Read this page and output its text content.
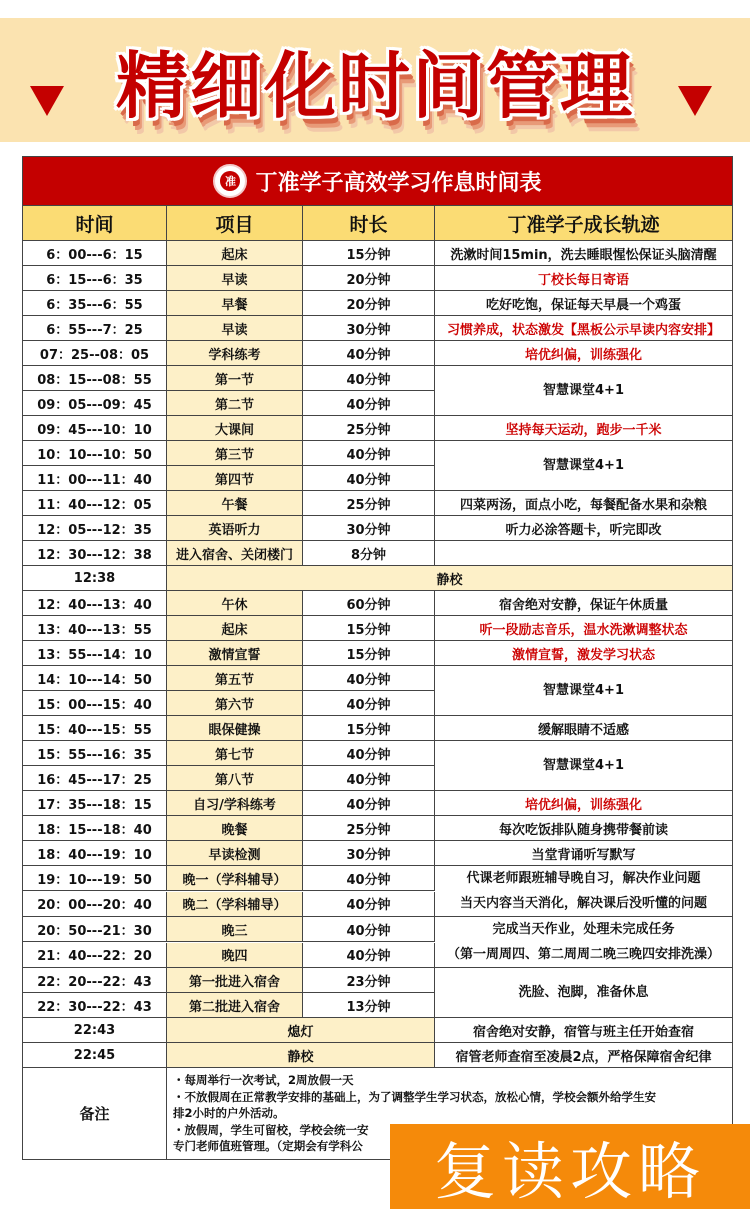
精细化时间管理
准 丁准学子高效学习作息时间表
时间	项目	时长	丁准学子成长轨迹
6：00---6：15	起床	15分钟	洗漱时间15min，洗去睡眼惺忪保证头脑清醒
6：15---6：35	早读	20分钟	丁校长每日寄语
6：35---6：55	早餐	20分钟	吃好吃饱，保证每天早晨一个鸡蛋
6：55---7：25	早读	30分钟	习惯养成，状态激发【黑板公示早读内容安排】
07：25--08：05	学科练考	40分钟	培优纠偏，训练强化
08：15---08：55	第一节	40分钟
智慧课堂4+1
09：05---09：45	第二节	40分钟
09：45---10：10	大课间	25分钟	坚持每天运动，跑步一千米
10：10---10：50	第三节	40分钟
智慧课堂4+1
11：00---11：40	第四节	40分钟
11：40---12：05	午餐	25分钟	四菜两汤，面点小吃，每餐配备水果和杂粮
12：05---12：35	英语听力	30分钟	听力必涂答题卡，听完即改
12：30---12：38	进入宿舍、关闭楼门	8分钟
12:38	静校
12：40---13：40	午休	60分钟	宿舍绝对安静，保证午休质量
13：40---13：55	起床	15分钟	听一段励志音乐，温水洗漱调整状态
13：55---14：10	激情宣誓	15分钟	激情宣誓，激发学习状态
14：10---14：50	第五节	40分钟
智慧课堂4+1
15：00---15：40	第六节	40分钟
15：40---15：55	眼保健操	15分钟	缓解眼睛不适感
15：55---16：35	第七节	40分钟
智慧课堂4+1
16：45---17：25	第八节	40分钟
17：35---18：15	自习/学科练考	40分钟	培优纠偏，训练强化
18：15---18：40	晚餐	25分钟	每次吃饭排队随身携带餐前读
18：40---19：10	早读检测	30分钟	当堂背诵听写默写
19：10---19：50	晚一（学科辅导）	40分钟	代课老师跟班辅导晚自习，解决作业问题
当天内容当天消化，解决课后没听懂的问题
20：00---20：40	晚二（学科辅导）	40分钟
20：50---21：30	晚三	40分钟	完成当天作业，处理未完成任务
（第一周周四、第二周周二晚三晚四安排洗澡）
21：40---22：20	晚四	40分钟
22：20---22：43	第一批进入宿舍	23分钟
洗脸、泡脚，准备休息
22：30---22：43	第二批进入宿舍	13分钟
22:43	熄灯	宿舍绝对安静，宿管与班主任开始查宿
22:45	静校	宿管老师查宿至凌晨2点，严格保障宿舍纪律
备注
・每周举行一次考试，2周放假一天
・不放假周在正常教学安排的基础上，为了调整学生学习状态，放松心情，学校会额外给学生安
排2小时的户外活动。
・放假周，学生可留校，学校会统一安
专门老师值班管理。（定期会有学科公	复读攻略
